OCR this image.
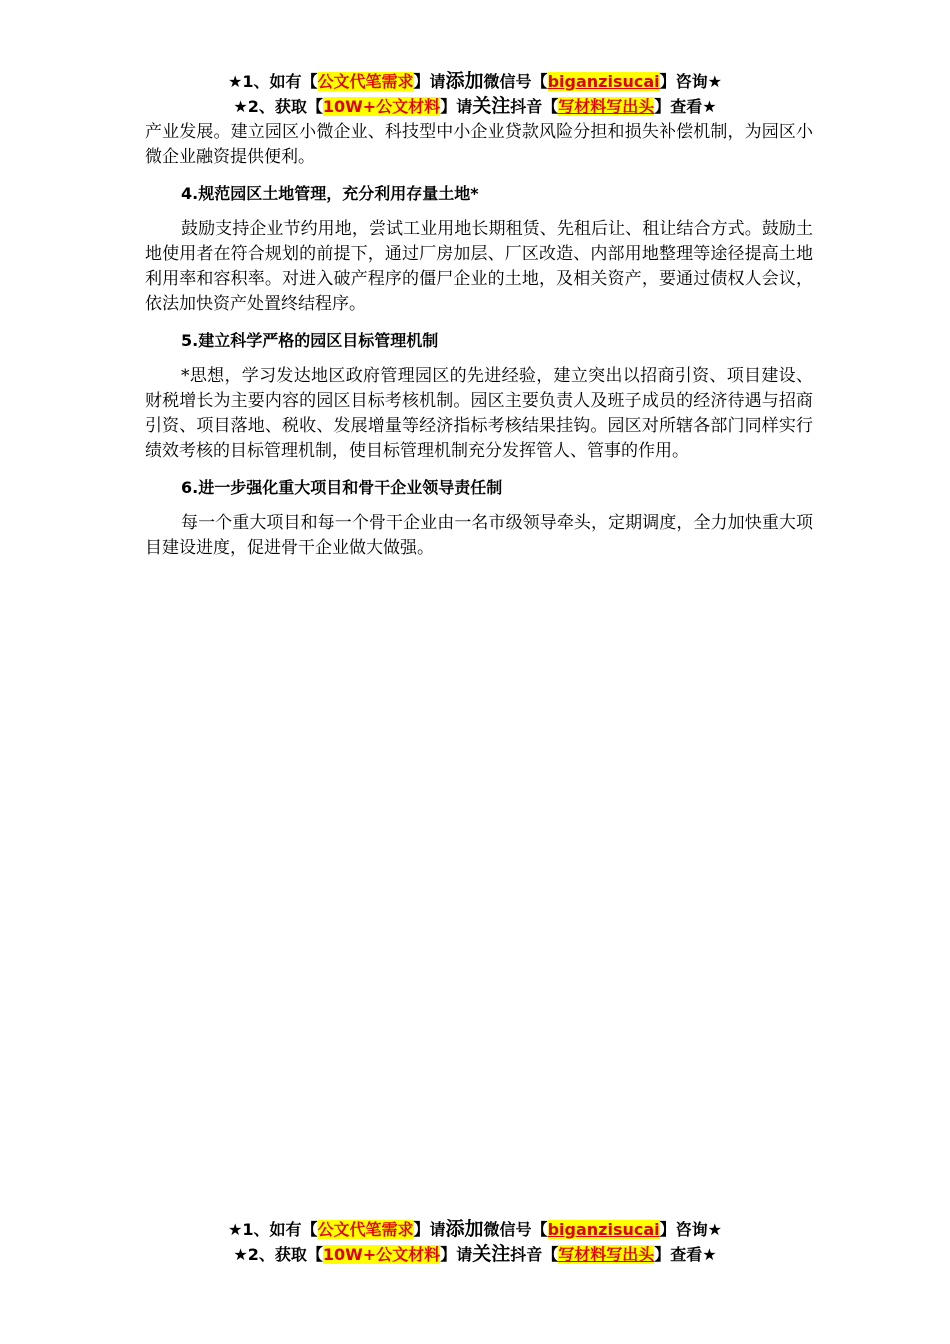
★1、如有【公文代笔需求】请添加微信号【biganzisucai】咨询★
★2、获取【10W+公文材料】请关注抖音【写材料写出头】查看★

产业发展。建立园区小微企业、科技型中小企业贷款风险分担和损失补偿机制，为园区小微企业融资提供便利。

4.规范园区土地管理，充分利用存量土地*

鼓励支持企业节约用地，尝试工业用地长期租赁、先租后让、租让结合方式。鼓励土地使用者在符合规划的前提下，通过厂房加层、厂区改造、内部用地整理等途径提高土地利用率和容积率。对进入破产程序的僵尸企业的土地，及相关资产，要通过债权人会议，依法加快资产处置终结程序。

5.建立科学严格的园区目标管理机制

*思想，学习发达地区政府管理园区的先进经验，建立突出以招商引资、项目建设、财税增长为主要内容的园区目标考核机制。园区主要负责人及班子成员的经济待遇与招商引资、项目落地、税收、发展增量等经济指标考核结果挂钩。园区对所辖各部门同样实行绩效考核的目标管理机制，使目标管理机制充分发挥管人、管事的作用。

6.进一步强化重大项目和骨干企业领导责任制

每一个重大项目和每一个骨干企业由一名市级领导牵头，定期调度，全力加快重大项目建设进度，促进骨干企业做大做强。

★1、如有【公文代笔需求】请添加微信号【biganzisucai】咨询★
★2、获取【10W+公文材料】请关注抖音【写材料写出头】查看★
